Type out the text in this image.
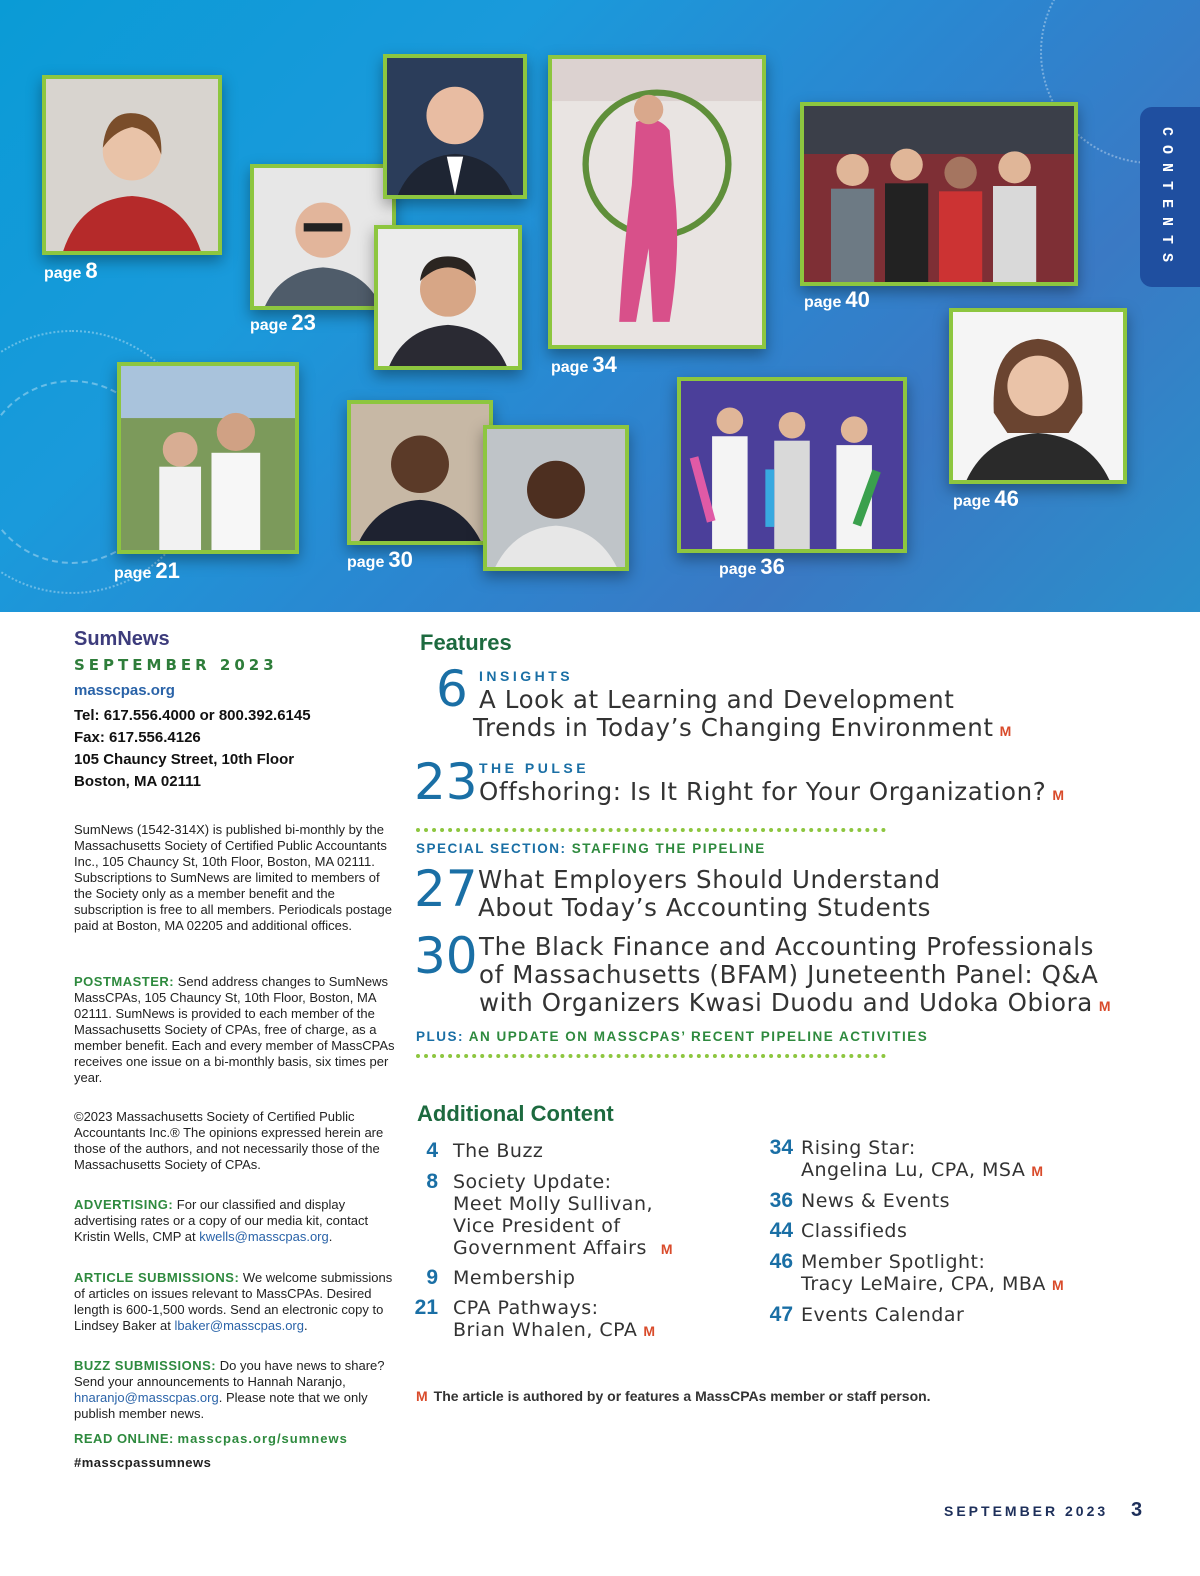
CONTENTS
page 8
page 23
page 34
page 40
page 21	page 30	page 36
page 46
SumNews
SEPTEMBER 2023
masscpas.org
Tel: 617.556.4000 or 800.392.6145
Fax: 617.556.4126
105 Chauncy Street, 10th Floor
Boston, MA 02111

SumNews (1542-314X) is published bi-monthly by the Massachusetts Society of Certified Public Accountants Inc., 105 Chauncy St, 10th Floor, Boston, MA 02111. Subscriptions to SumNews are limited to members of the Society only as a member benefit and the subscription is free to all members. Periodicals postage paid at Boston, MA 02205 and additional offices.

POSTMASTER: Send address changes to SumNews MassCPAs, 105 Chauncy St, 10th Floor, Boston, MA 02111. SumNews is provided to each member of the Massachusetts Society of CPAs, free of charge, as a member benefit. Each and every member of MassCPAs receives one issue on a bi-monthly basis, six times per year.

©2023 Massachusetts Society of Certified Public Accountants Inc.® The opinions expressed herein are those of the authors, and not necessarily those of the Massachusetts Society of CPAs.

ADVERTISING: For our classified and display advertising rates or a copy of our media kit, contact Kristin Wells, CMP at kwells@masscpas.org.

ARTICLE SUBMISSIONS: We welcome submissions of articles on issues relevant to MassCPAs. Desired length is 600-1,500 words. Send an electronic copy to Lindsey Baker at lbaker@masscpas.org.

BUZZ SUBMISSIONS: Do you have news to share? Send your announcements to Hannah Naranjo, hnaranjo@masscpas.org. Please note that we only publish member news.

READ ONLINE: masscpas.org/sumnews

#masscpassumnews

Features
6 INSIGHTS
A Look at Learning and Development
Trends in Today’s Changing Environment M
23 THE PULSE
Offshoring: Is It Right for Your Organization? M
SPECIAL SECTION: STAFFING THE PIPELINE
27 What Employers Should Understand
About Today’s Accounting Students
30 The Black Finance and Accounting Professionals
of Massachusetts (BFAM) Juneteenth Panel: Q&A
with Organizers Kwasi Duodu and Udoka Obiora M
PLUS: AN UPDATE ON MASSCPAS’ RECENT PIPELINE ACTIVITIES
Additional Content
4 The Buzz
8 Society Update:
Meet Molly Sullivan,
Vice President of
Government Affairs M
9 Membership
21 CPA Pathways:
Brian Whalen, CPA M
34 Rising Star:
Angelina Lu, CPA, MSA M
36 News & Events
44 Classifieds
46 Member Spotlight:
Tracy LeMaire, CPA, MBA M
47 Events Calendar
M The article is authored by or features a MassCPAs member or staff person.
SEPTEMBER 2023 3
